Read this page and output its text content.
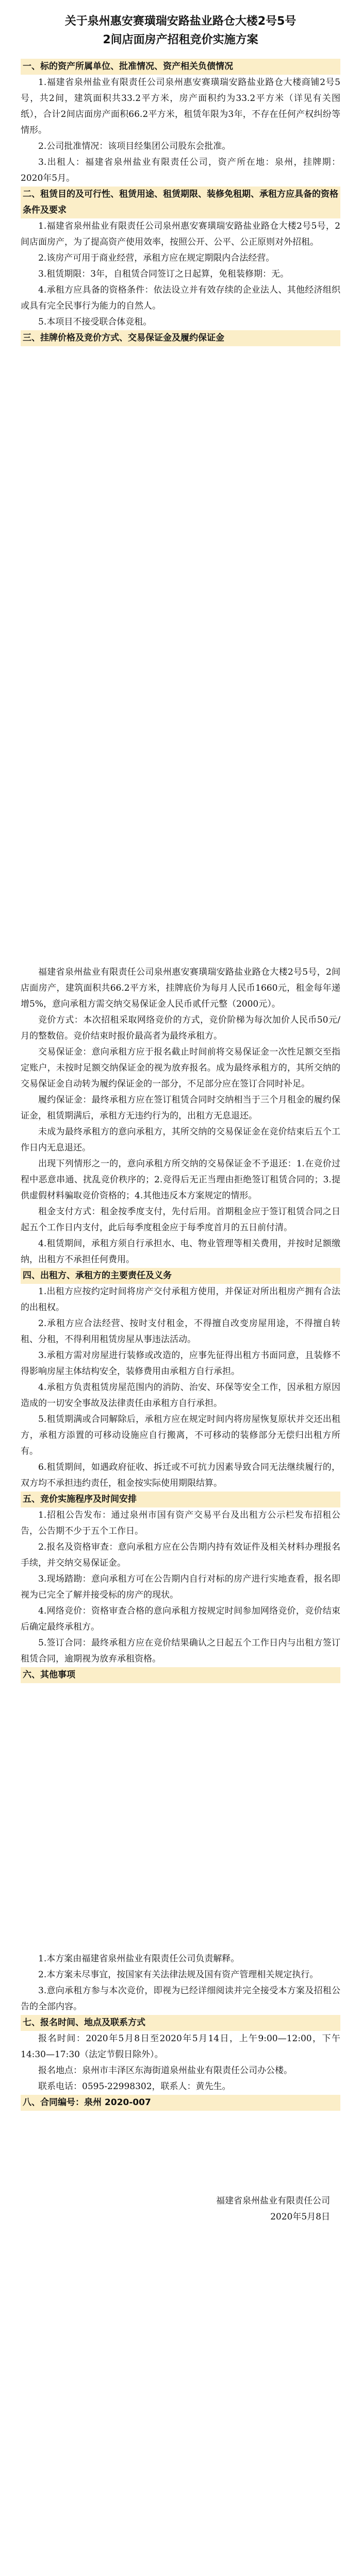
关于泉州惠安赛璜瑞安路盐业路仓大楼2号5号
2间店面房产招租竞价实施方案

一、标的资产所属单位、批准情况、资产相关负债情况

1.福建省泉州盐业有限责任公司泉州惠安赛璜瑞安路盐业路仓大楼商铺2号5号，共2间，建筑面积共33.2平方米，房产面积约为33.2平方米（详见有关图纸），合计2间店面房产面积66.2平方米，租赁年限为3年，不存在任何产权纠纷等情形。

2.公司批准情况：该项目经集团公司股东会批准。

3.出租人：福建省泉州盐业有限责任公司，资产所在地：泉州，挂牌期：2020年5月。

二、租赁目的及可行性、租赁用途、租赁期限、装修免租期、承租方应具备的资格条件及要求

1.福建省泉州盐业有限责任公司泉州惠安赛璜瑞安路盐业路仓大楼2号5号，2间店面房产，为了提高资产使用效率，按照公开、公平、公正原则对外招租。

2.该房产可用于商业经营，承租方应在规定期限内合法经营。

3.租赁期限：3年，自租赁合同签订之日起算，免租装修期：无。

4.承租方应具备的资格条件：依法设立并有效存续的企业法人、其他经济组织或具有完全民事行为能力的自然人。

5.本项目不接受联合体竞租。

三、挂牌价格及竞价方式、交易保证金及履约保证金

福建省泉州盐业有限责任公司泉州惠安赛璜瑞安路盐业路仓大楼2号5号，2间店面房产，建筑面积共66.2平方米，挂牌底价为每月人民币1660元，租金每年递增5%，意向承租方需交纳交易保证金人民币贰仟元整（2000元）。

竞价方式：本次招租采取网络竞价的方式，竞价阶梯为每次加价人民币50元/月的整数倍。竞价结束时报价最高者为最终承租方。

交易保证金：意向承租方应于报名截止时间前将交易保证金一次性足额交至指定账户，未按时足额交纳保证金的视为放弃报名。成为最终承租方的，其所交纳的交易保证金自动转为履约保证金的一部分，不足部分应在签订合同时补足。

履约保证金：最终承租方应在签订租赁合同时交纳相当于三个月租金的履约保证金，租赁期满后，承租方无违约行为的，出租方无息退还。

未成为最终承租方的意向承租方，其所交纳的交易保证金在竞价结束后五个工作日内无息退还。

出现下列情形之一的，意向承租方所交纳的交易保证金不予退还：1.在竞价过程中恶意串通、扰乱竞价秩序的；2.竞得后无正当理由拒绝签订租赁合同的；3.提供虚假材料骗取竞价资格的；4.其他违反本方案规定的情形。

租金支付方式：租金按季度支付，先付后用。首期租金应于签订租赁合同之日起五个工作日内支付，此后每季度租金应于每季度首月的五日前付清。

4.租赁期间，承租方须自行承担水、电、物业管理等相关费用，并按时足额缴纳，出租方不承担任何费用。

四、出租方、承租方的主要责任及义务

1.出租方应按约定时间将房产交付承租方使用，并保证对所出租房产拥有合法的出租权。

2.承租方应合法经营、按时支付租金，不得擅自改变房屋用途，不得擅自转租、分租，不得利用租赁房屋从事违法活动。

3.承租方需对房屋进行装修或改造的，应事先征得出租方书面同意，且装修不得影响房屋主体结构安全，装修费用由承租方自行承担。

4.承租方负责租赁房屋范围内的消防、治安、环保等安全工作，因承租方原因造成的一切安全事故及法律责任由承租方自行承担。

5.租赁期满或合同解除后，承租方应在规定时间内将房屋恢复原状并交还出租方，承租方添置的可移动设施应自行搬离，不可移动的装修部分无偿归出租方所有。

6.租赁期间，如遇政府征收、拆迁或不可抗力因素导致合同无法继续履行的，双方均不承担违约责任，租金按实际使用期限结算。

五、竞价实施程序及时间安排

1.招租公告发布：通过泉州市国有资产交易平台及出租方公示栏发布招租公告，公告期不少于五个工作日。

2.报名及资格审查：意向承租方应在公告期内持有效证件及相关材料办理报名手续，并交纳交易保证金。

3.现场踏勘：意向承租方可在公告期内自行对标的房产进行实地查看，报名即视为已完全了解并接受标的房产的现状。

4.网络竞价：资格审查合格的意向承租方按规定时间参加网络竞价，竞价结束后确定最终承租方。

5.签订合同：最终承租方应在竞价结果确认之日起五个工作日内与出租方签订租赁合同，逾期视为放弃承租资格。

六、其他事项

1.本方案由福建省泉州盐业有限责任公司负责解释。

2.本方案未尽事宜，按国家有关法律法规及国有资产管理相关规定执行。

3.意向承租方参与本次竞价，即视为已经详细阅读并完全接受本方案及招租公告的全部内容。

七、报名时间、地点及联系方式

报名时间：2020年5月8日至2020年5月14日，上午9:00—12:00，下午14:30—17:30（法定节假日除外）。

报名地点：泉州市丰泽区东海街道泉州盐业有限责任公司办公楼。

联系电话：0595-22998302，联系人：黄先生。

八、合同编号：泉州 2020-007

福建省泉州盐业有限责任公司
2020年5月8日
